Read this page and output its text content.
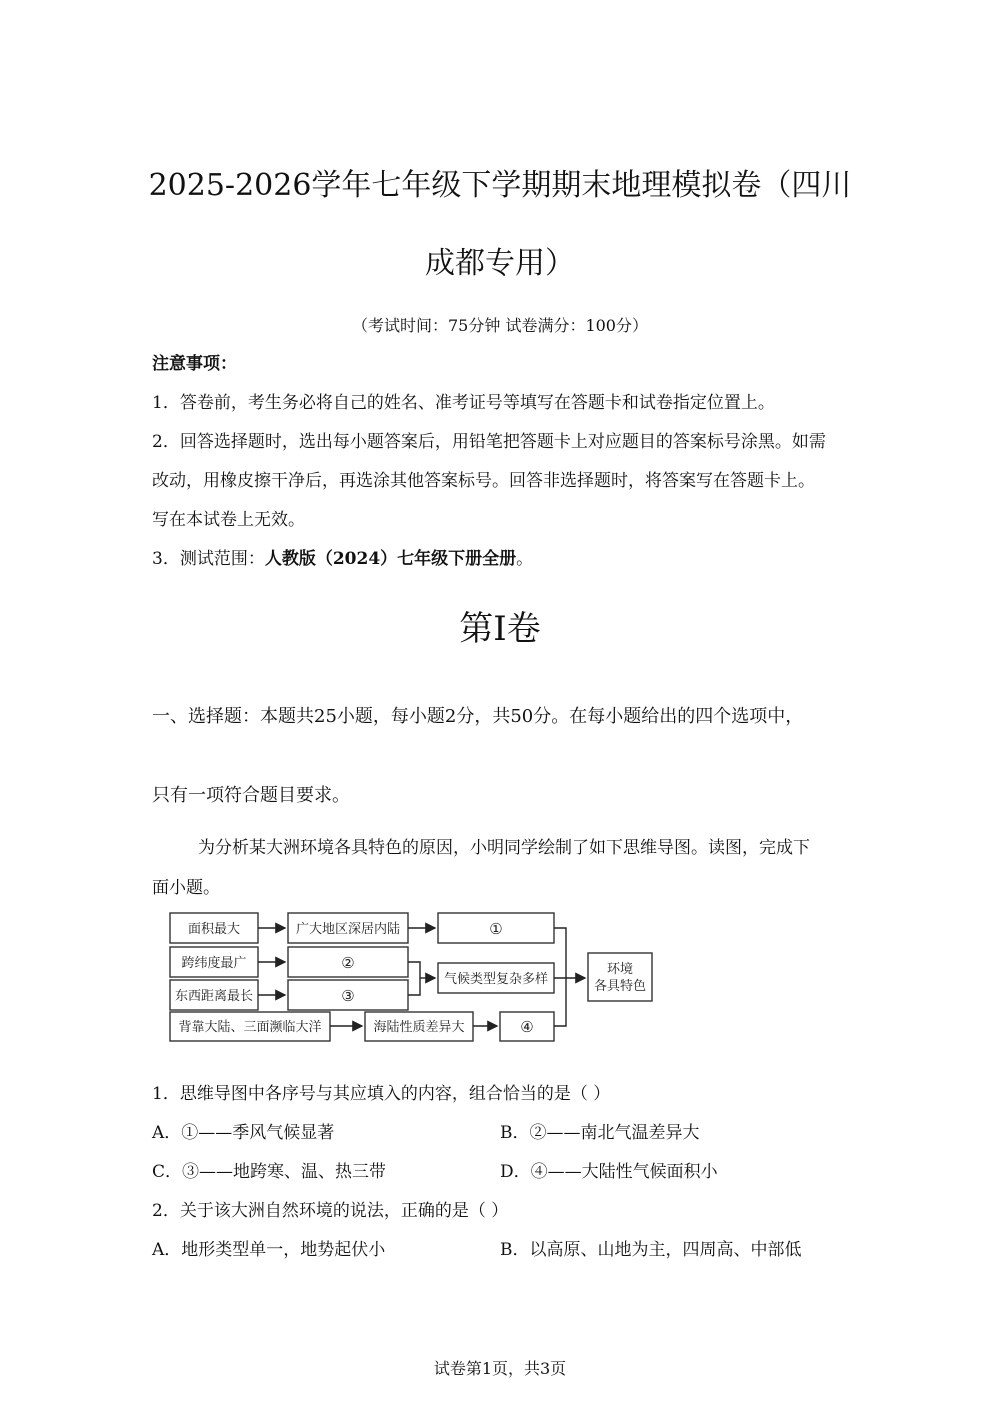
2025-2026学年七年级下学期期末地理模拟卷（四川
成都专用）
（考试时间：75分钟 试卷满分：100分）
注意事项：
1．答卷前，考生务必将自己的姓名、准考证号等填写在答题卡和试卷指定位置上。
2．回答选择题时，选出每小题答案后，用铅笔把答题卡上对应题目的答案标号涂黑。如需
改动，用橡皮擦干净后，再选涂其他答案标号。回答非选择题时，将答案写在答题卡上。
写在本试卷上无效。
3．测试范围：人教版（2024）七年级下册全册。
第Ⅰ卷
一、选择题：本题共25小题，每小题2分，共50分。在每小题给出的四个选项中，
只有一项符合题目要求。
为分析某大洲环境各具特色的原因，小明同学绘制了如下思维导图。读图，完成下
面小题。
面积最大	广大地区深居内陆	①
跨纬度最广	②
东西距离最长	③
气候类型复杂多样
背靠大陆、三面濒临大洋	海陆性质差异大	④
环境
各具特色
1．思维导图中各序号与其应填入的内容，组合恰当的是（ ）
A．①——季风气候显著	B．②——南北气温差异大
C．③——地跨寒、温、热三带	D．④——大陆性气候面积小
2．关于该大洲自然环境的说法，正确的是（ ）
A．地形类型单一，地势起伏小	B．以高原、山地为主，四周高、中部低
试卷第1页，共3页
